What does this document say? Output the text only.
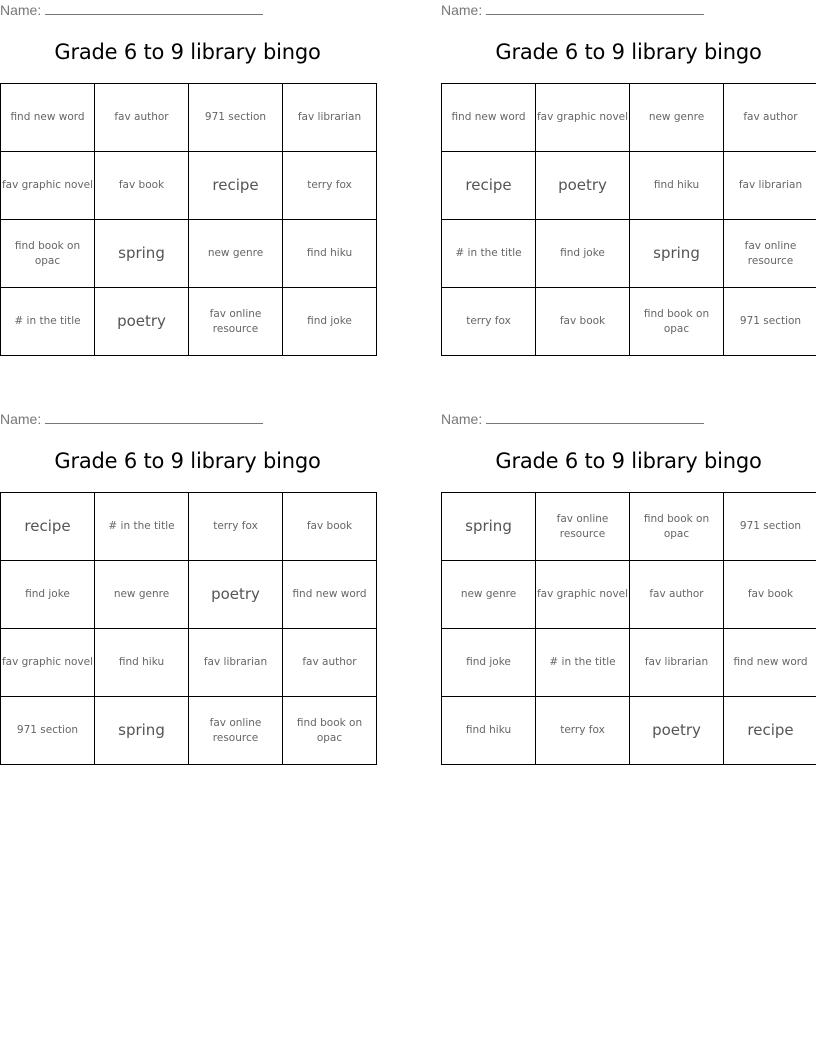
Name:
Grade 6 to 9 library bingo
find new word	fav author	971 section	fav librarian
fav graphic novel	fav book	recipe	terry fox
find book on opac	spring	new genre	find hiku
# in the title	poetry	fav online resource	find joke
Name:
Grade 6 to 9 library bingo
find new word	fav graphic novel	new genre	fav author
recipe	poetry	find hiku	fav librarian
# in the title	find joke	spring	fav online resource
terry fox	fav book	find book on opac	971 section
Name:
Grade 6 to 9 library bingo
recipe	# in the title	terry fox	fav book
find joke	new genre	poetry	find new word
fav graphic novel	find hiku	fav librarian	fav author
971 section	spring	fav online resource	find book on opac
Name:
Grade 6 to 9 library bingo
spring	fav online resource	find book on opac	971 section
new genre	fav graphic novel	fav author	fav book
find joke	# in the title	fav librarian	find new word
find hiku	terry fox	poetry	recipe
